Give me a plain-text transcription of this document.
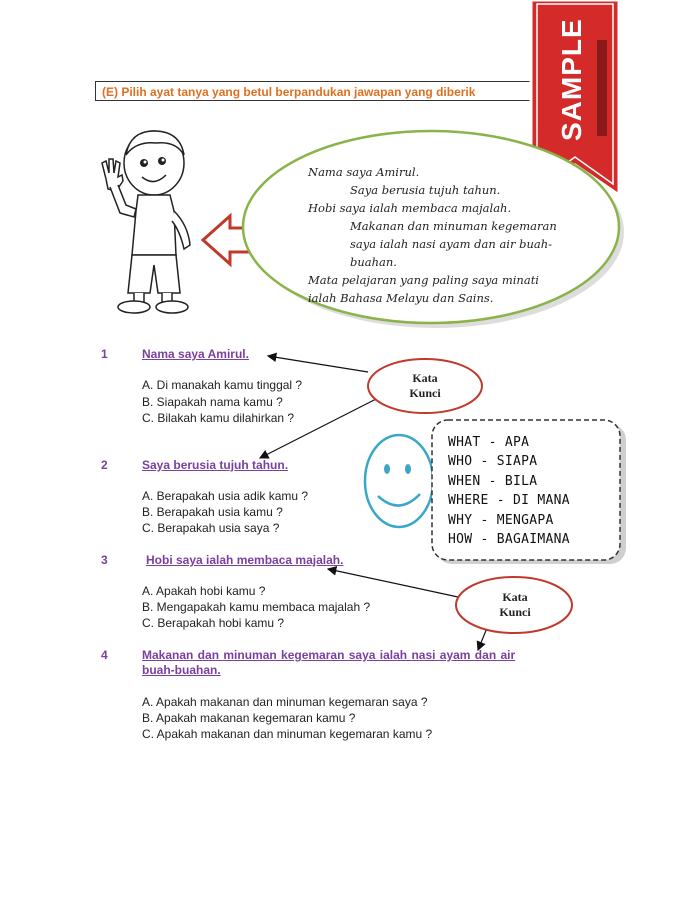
(E) Pilih ayat tanya yang betul berpandukan jawapan yang diberik	SAMPLE
Nama saya Amirul.
Saya berusia tujuh tahun.
Hobi saya ialah membaca majalah.
Makanan dan minuman kegemaran
saya ialah nasi ayam dan air buah-
buahan.
Mata pelajaran yang paling saya minati
ialah Bahasa Melayu dan Sains.
Kata
Kunci
Kata
Kunci
WHAT - APA
WHO - SIAPA
WHEN - BILA
WHERE - DI MANA
WHY - MENGAPA
HOW - BAGAIMANA
1	Nama saya Amirul.
A. Di manakah kamu tinggal ?
B. Siapakah nama kamu ?
C. Bilakah kamu dilahirkan ?
2	Saya berusia tujuh tahun.
A. Berapakah usia adik kamu ?
B. Berapakah usia kamu ?
C. Berapakah usia saya ?
3	Hobi saya ialah membaca majalah.
A. Apakah hobi kamu ?
B. Mengapakah kamu membaca majalah ?
C. Berapakah hobi kamu ?
4	Makanan dan minuman kegemaran saya ialah nasi ayam dan air
buah-buahan.
A. Apakah makanan dan minuman kegemaran saya ?
B. Apakah makanan kegemaran kamu ?
C. Apakah makanan dan minuman kegemaran kamu ?
